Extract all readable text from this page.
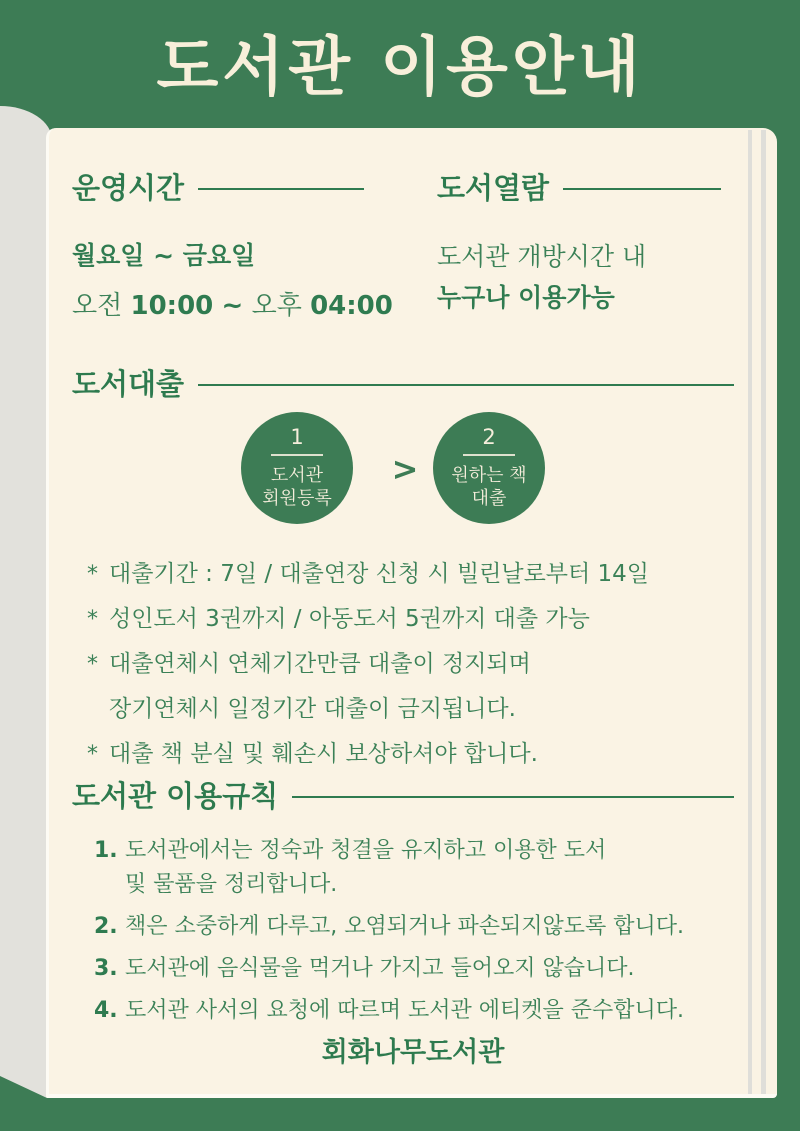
도서관 이용안내
운영시간
월요일 ~ 금요일
오전 10:00 ~ 오후 04:00
도서열람
도서관 개방시간 내
누구나 이용가능
도서대출
1
도서관
회원등록
>
2
원하는 책
대출
* 대출기간 : 7일 / 대출연장 신청 시 빌린날로부터 14일
* 성인도서 3권까지 / 아동도서 5권까지 대출 가능
* 대출연체시 연체기간만큼 대출이 정지되며
장기연체시 일정기간 대출이 금지됩니다.
* 대출 책 분실 및 훼손시 보상하셔야 합니다.
도서관 이용규칙
1. 도서관에서는 정숙과 청결을 유지하고 이용한 도서
및 물품을 정리합니다.
2. 책은 소중하게 다루고, 오염되거나 파손되지않도록 합니다.
3. 도서관에 음식물을 먹거나 가지고 들어오지 않습니다.
4. 도서관 사서의 요청에 따르며 도서관 에티켓을 준수합니다.
회화나무도서관
